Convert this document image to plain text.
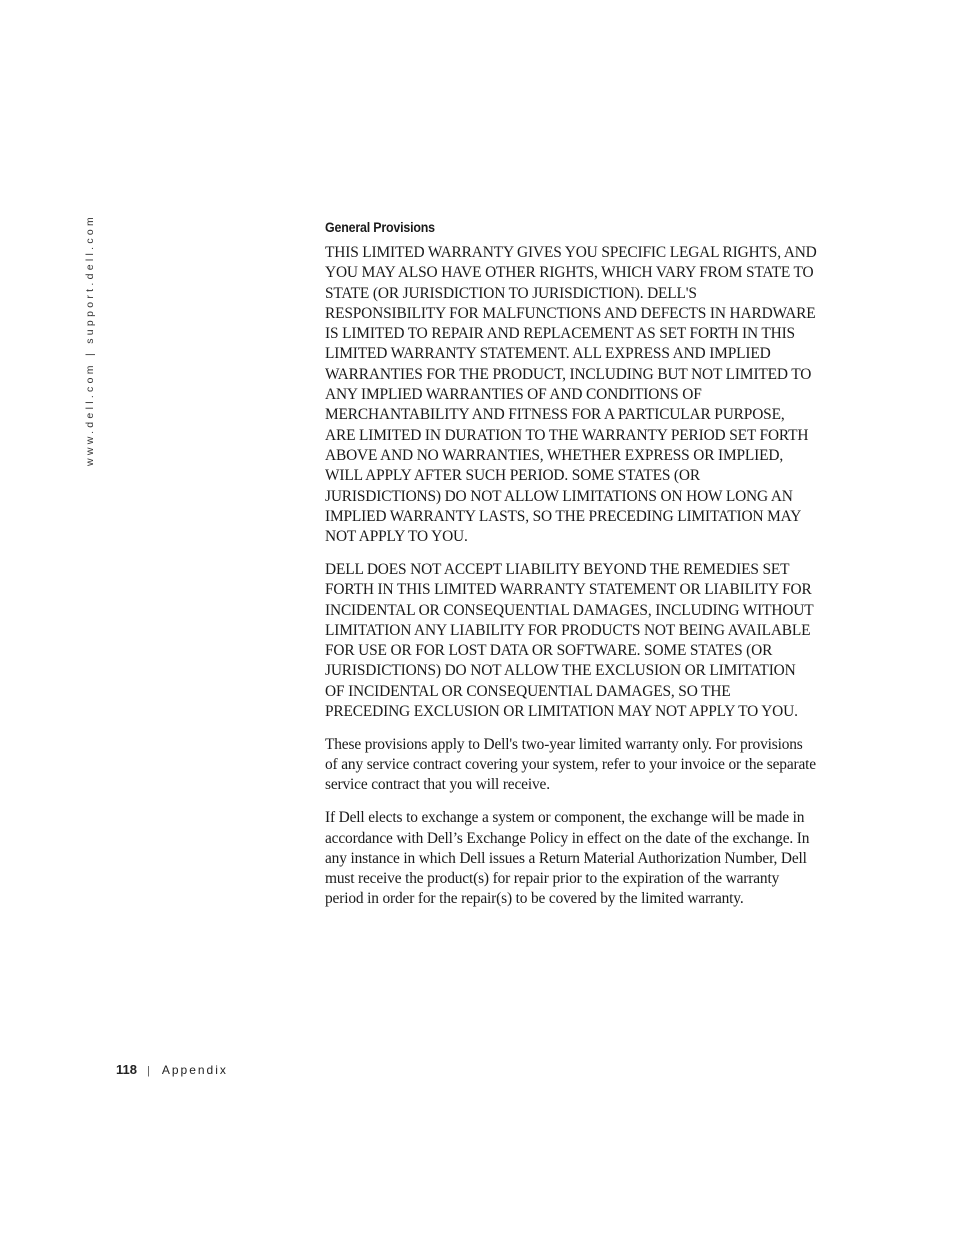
www.dell.com | support.dell.com	General Provisions

THIS LIMITED WARRANTY GIVES YOU SPECIFIC LEGAL RIGHTS, AND YOU MAY ALSO HAVE OTHER RIGHTS, WHICH VARY FROM STATE TO STATE (OR JURISDICTION TO JURISDICTION). DELL'S RESPONSIBILITY FOR MALFUNCTIONS AND DEFECTS IN HARDWARE IS LIMITED TO REPAIR AND REPLACEMENT AS SET FORTH IN THIS LIMITED WARRANTY STATEMENT. ALL EXPRESS AND IMPLIED WARRANTIES FOR THE PRODUCT, INCLUDING BUT NOT LIMITED TO ANY IMPLIED WARRANTIES OF AND CONDITIONS OF MERCHANTABILITY AND FITNESS FOR A PARTICULAR PURPOSE, ARE LIMITED IN DURATION TO THE WARRANTY PERIOD SET FORTH ABOVE AND NO WARRANTIES, WHETHER EXPRESS OR IMPLIED, WILL APPLY AFTER SUCH PERIOD. SOME STATES (OR JURISDICTIONS) DO NOT ALLOW LIMITATIONS ON HOW LONG AN IMPLIED WARRANTY LASTS, SO THE PRECEDING LIMITATION MAY NOT APPLY TO YOU.

DELL DOES NOT ACCEPT LIABILITY BEYOND THE REMEDIES SET FORTH IN THIS LIMITED WARRANTY STATEMENT OR LIABILITY FOR INCIDENTAL OR CONSEQUENTIAL DAMAGES, INCLUDING WITHOUT LIMITATION ANY LIABILITY FOR PRODUCTS NOT BEING AVAILABLE FOR USE OR FOR LOST DATA OR SOFTWARE. SOME STATES (OR JURISDICTIONS) DO NOT ALLOW THE EXCLUSION OR LIMITATION OF INCIDENTAL OR CONSEQUENTIAL DAMAGES, SO THE PRECEDING EXCLUSION OR LIMITATION MAY NOT APPLY TO YOU.

These provisions apply to Dell's two-year limited warranty only. For provisions of any service contract covering your system, refer to your invoice or the separate service contract that you will receive.

If Dell elects to exchange a system or component, the exchange will be made in accordance with Dell’s Exchange Policy in effect on the date of the exchange. In any instance in which Dell issues a Return Material Authorization Number, Dell must receive the product(s) for repair prior to the expiration of the warranty period in order for the repair(s) to be covered by the limited warranty.

118 | Appendix
